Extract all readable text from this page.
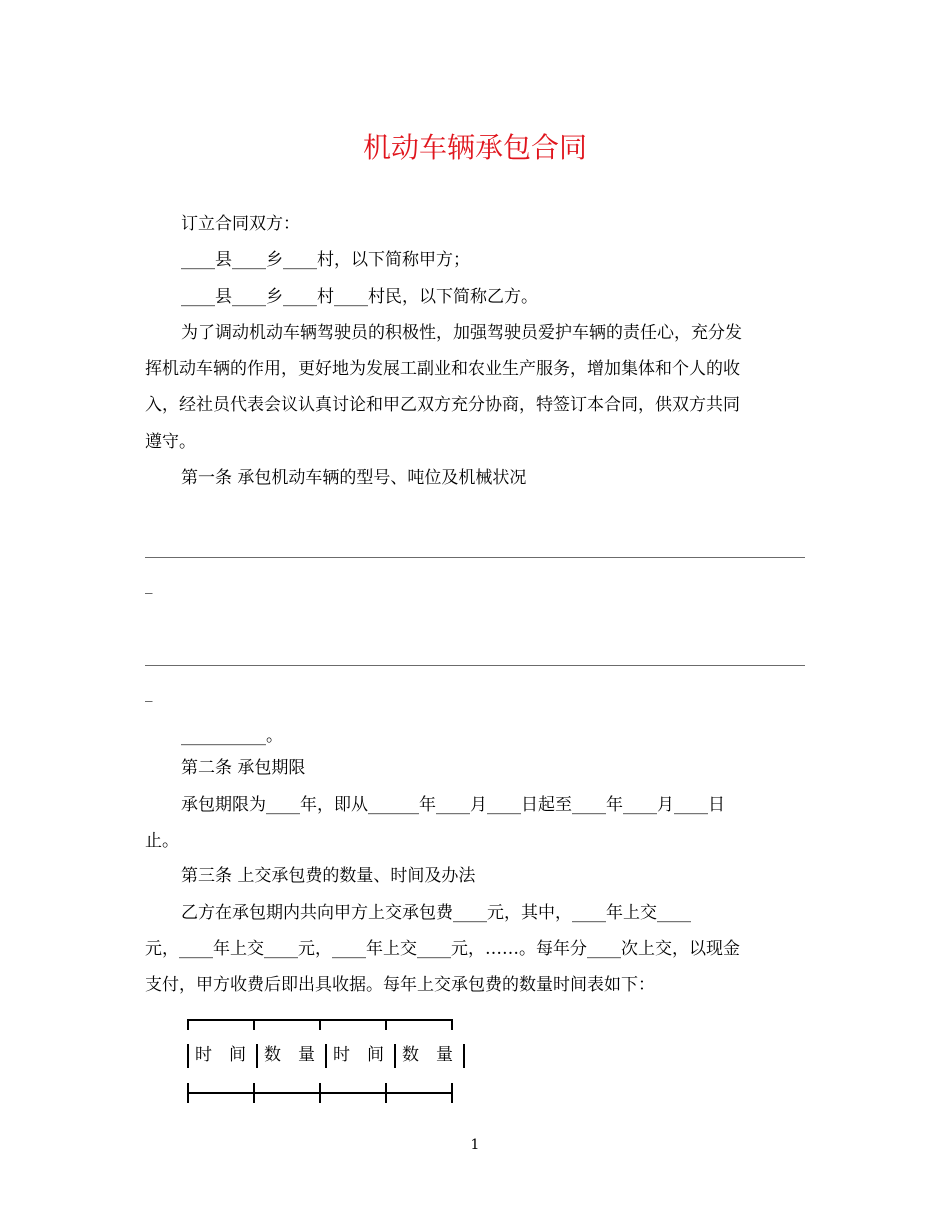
机动车辆承包合同

订立合同双方：

____县____乡____村，以下简称甲方；

____县____乡____村____村民，以下简称乙方。

为了调动机动车辆驾驶员的积极性，加强驾驶员爱护车辆的责任心，充分发

挥机动车辆的作用，更好地为发展工副业和农业生产服务，增加集体和个人的收

入，经社员代表会议认真讨论和甲乙双方充分协商，特签订本合同，供双方共同

遵守。

第一条 承包机动车辆的型号、吨位及机械状况

_
_

__________。

第二条 承包期限

承包期限为____年，即从______年____月____日起至____年____月____日

止。

第三条 上交承包费的数量、时间及办法

乙方在承包期内共向甲方上交承包费____元，其中，____年上交____

元，____年上交____元，____年上交____元，……。每年分____次上交，以现金

支付，甲方收费后即出具收据。每年上交承包费的数量时间表如下：

时　间 数　量 时　间 数　量
1
